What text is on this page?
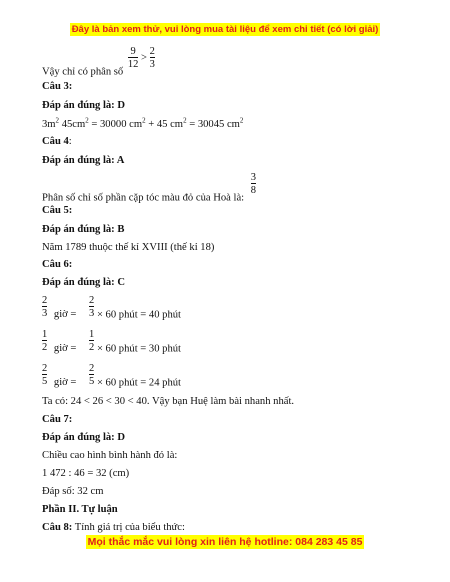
Đây là bản xem thử, vui lòng mua tài liệu để xem chi tiết (có lời giải)
Vậy chỉ có phân số
$\frac{9}{12} > \frac{2}{3}$
Câu 3:
Đáp án đúng là: D
$3m^2$ $45cm^2 = 30000$ $cm^2 + 45$ $cm^2 = 30045$ $cm^2$
Câu 4:
Đáp án đúng là: A
Phân số chỉ số phần cặp tóc màu đỏ của Hoà là:
$\frac{3}{8}$
Câu 5:
Đáp án đúng là: B
Năm 1789 thuộc thế kỉ XVIII (thế kỉ 18)
Câu 6:
Đáp án đúng là: C
$\frac{2}{3}$ giờ = $\frac{2}{3} \times 60$ phút = 40 phút
$\frac{1}{2}$ giờ = $\frac{1}{2} \times 60$ phút = 30 phút
$\frac{2}{5}$ giờ = $\frac{2}{5} \times 60$ phút = 24 phút
Ta có: 24 < 26 < 30 < 40. Vậy bạn Huệ làm bài nhanh nhất.
Câu 7:
Đáp án đúng là: D
Chiều cao hình bình hành đó là:
1 472 : 46 = 32 (cm)
Đáp số: 32 cm
Phần II. Tự luận
Câu 8: Tính giá trị của biểu thức:
Mọi thắc mắc vui lòng xin liên hệ hotline: 084 283 45 85
